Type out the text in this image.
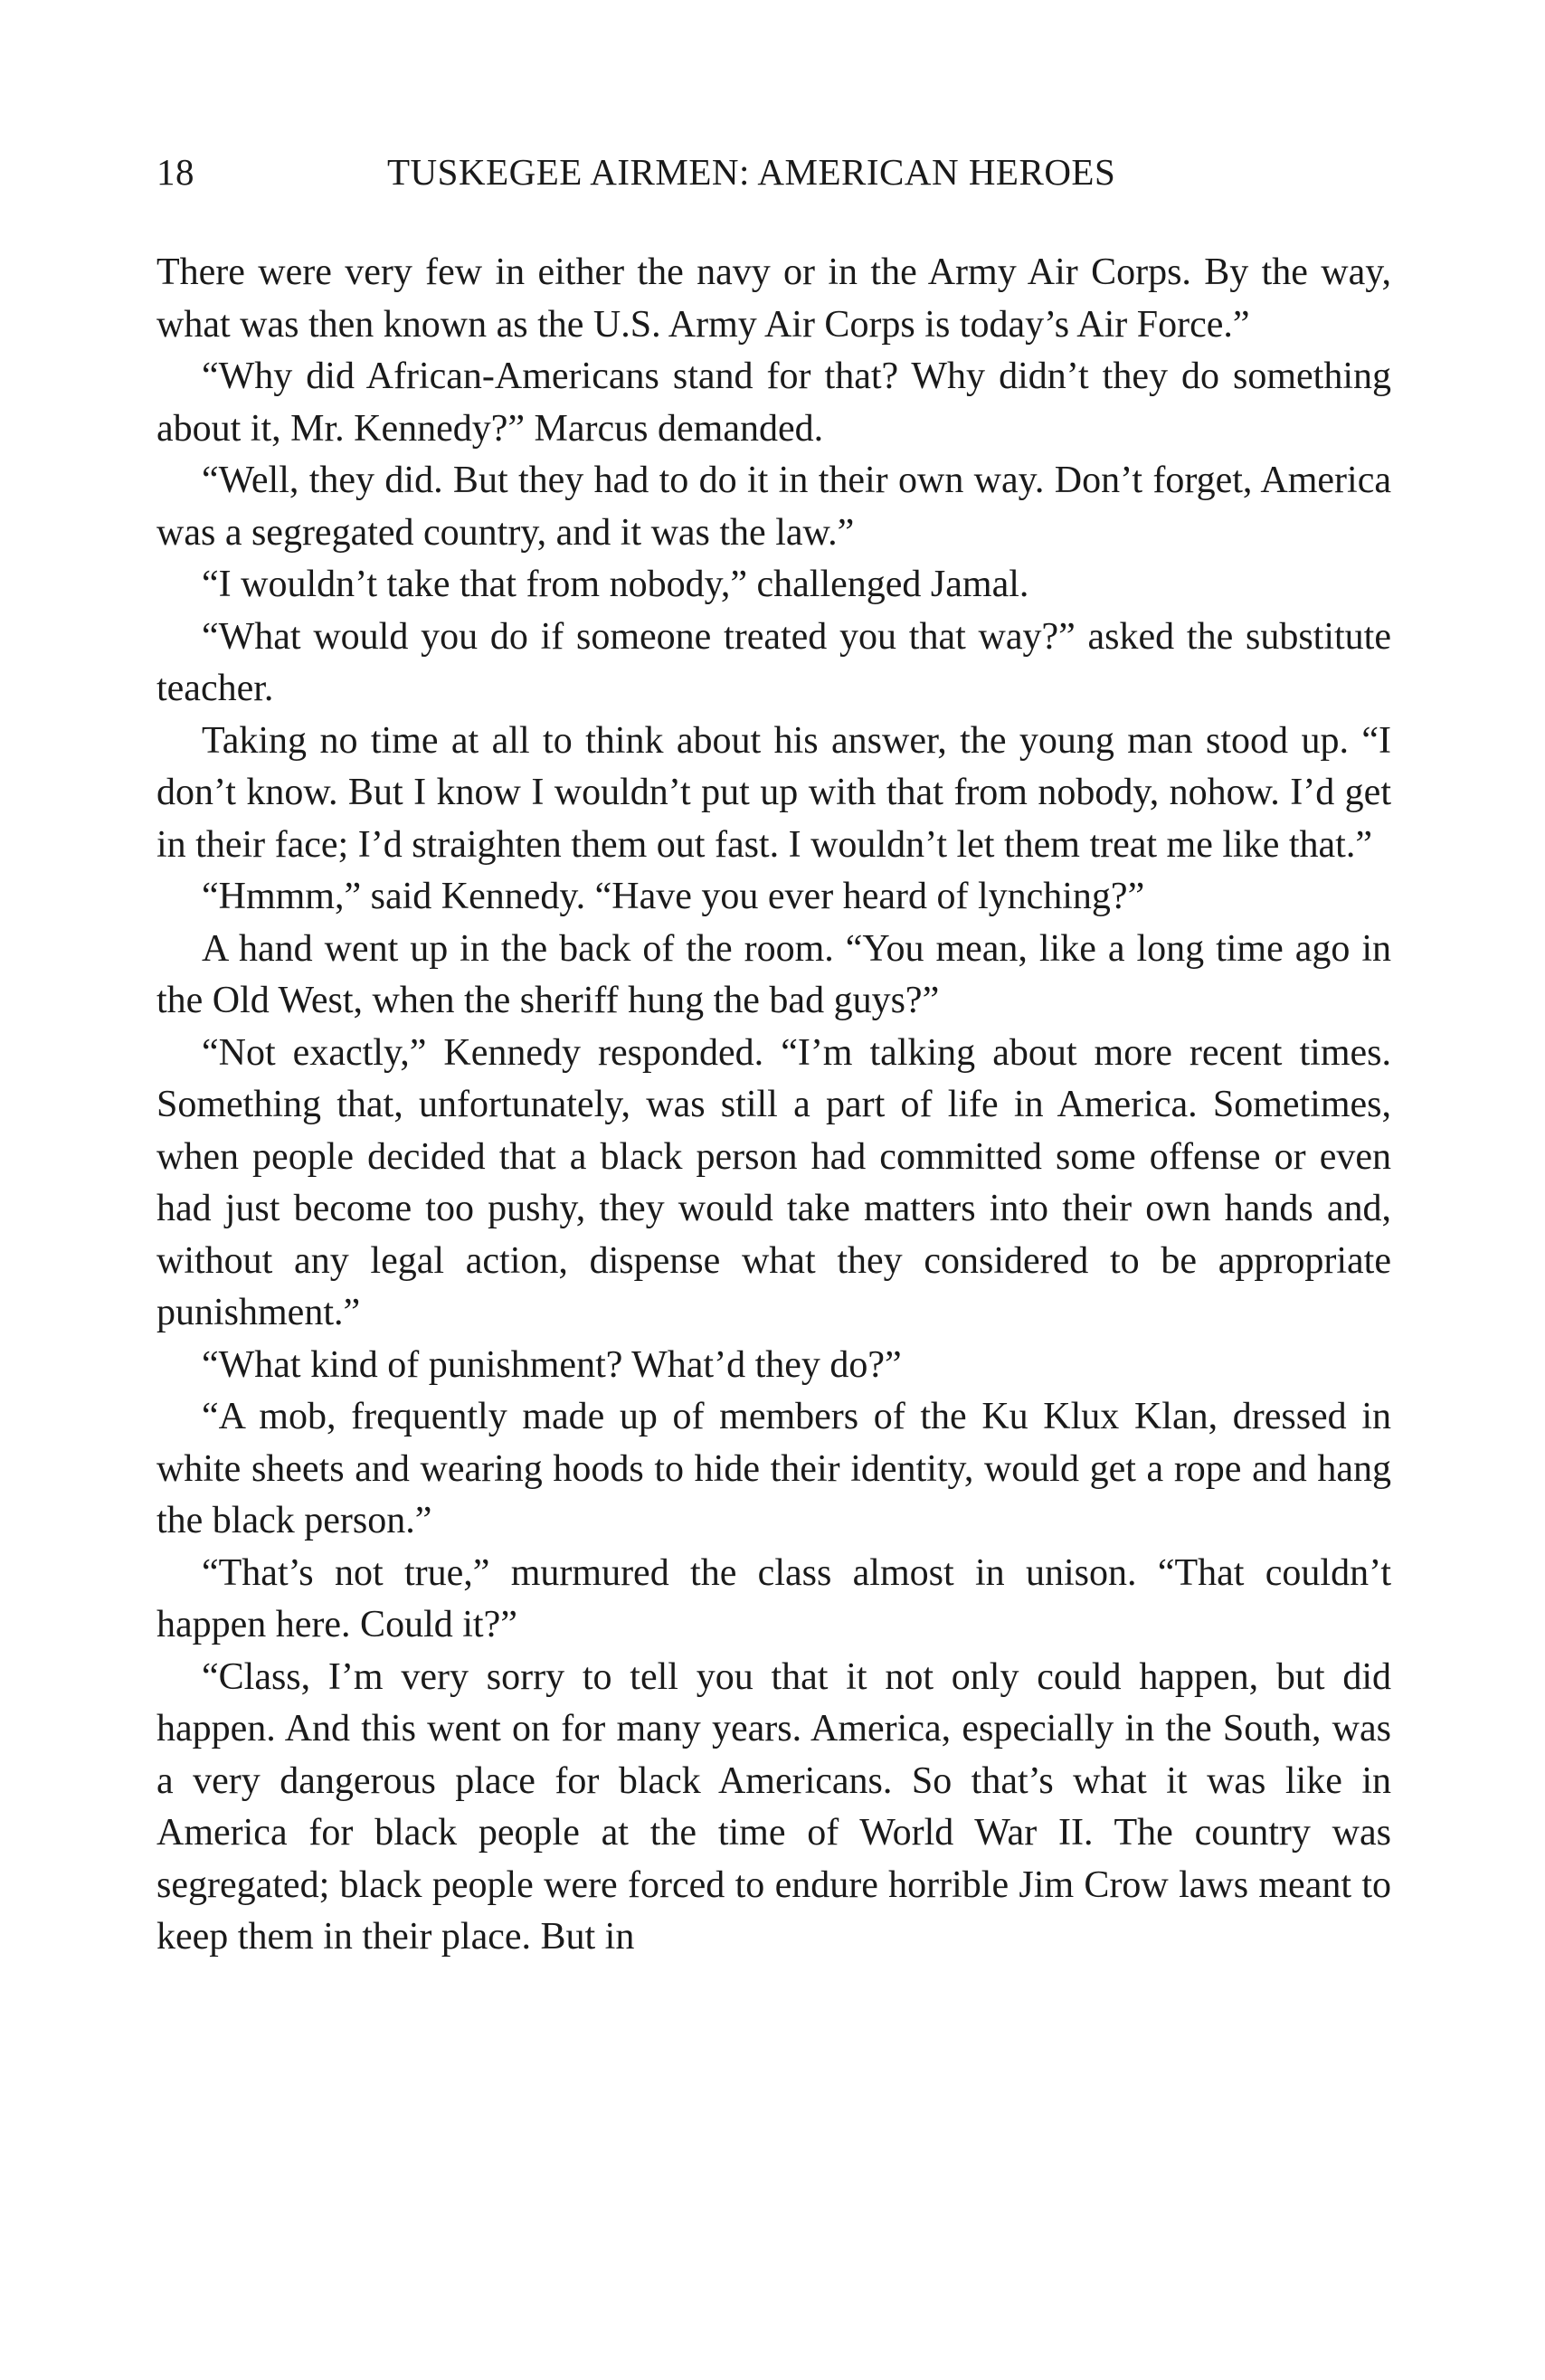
18	TUSKEGEE AIRMEN: AMERICAN HEROES

There were very few in either the navy or in the Army Air Corps. By the way, what was then known as the U.S. Army Air Corps is today’s Air Force.”

“Why did African-Americans stand for that? Why didn’t they do something about it, Mr. Kennedy?” Marcus demanded.

“Well, they did. But they had to do it in their own way. Don’t forget, America was a segregated country, and it was the law.”

“I wouldn’t take that from nobody,” challenged Jamal.

“What would you do if someone treated you that way?” asked the substitute teacher.

Taking no time at all to think about his answer, the young man stood up. “I don’t know. But I know I wouldn’t put up with that from nobody, nohow. I’d get in their face; I’d straighten them out fast. I wouldn’t let them treat me like that.”

“Hmmm,” said Kennedy. “Have you ever heard of lynching?”

A hand went up in the back of the room. “You mean, like a long time ago in the Old West, when the sheriff hung the bad guys?”

“Not exactly,” Kennedy responded. “I’m talking about more recent times. Something that, unfortunately, was still a part of life in America. Sometimes, when people decided that a black person had committed some offense or even had just become too pushy, they would take matters into their own hands and, without any legal action, dispense what they considered to be appropriate punishment.”

“What kind of punishment? What’d they do?”

“A mob, frequently made up of members of the Ku Klux Klan, dressed in white sheets and wearing hoods to hide their identity, would get a rope and hang the black person.”

“That’s not true,” murmured the class almost in unison. “That couldn’t happen here. Could it?”

“Class, I’m very sorry to tell you that it not only could happen, but did happen. And this went on for many years. America, especially in the South, was a very dangerous place for black Americans. So that’s what it was like in America for black people at the time of World War II. The country was segregated; black people were forced to endure horrible Jim Crow laws meant to keep them in their place. But in
